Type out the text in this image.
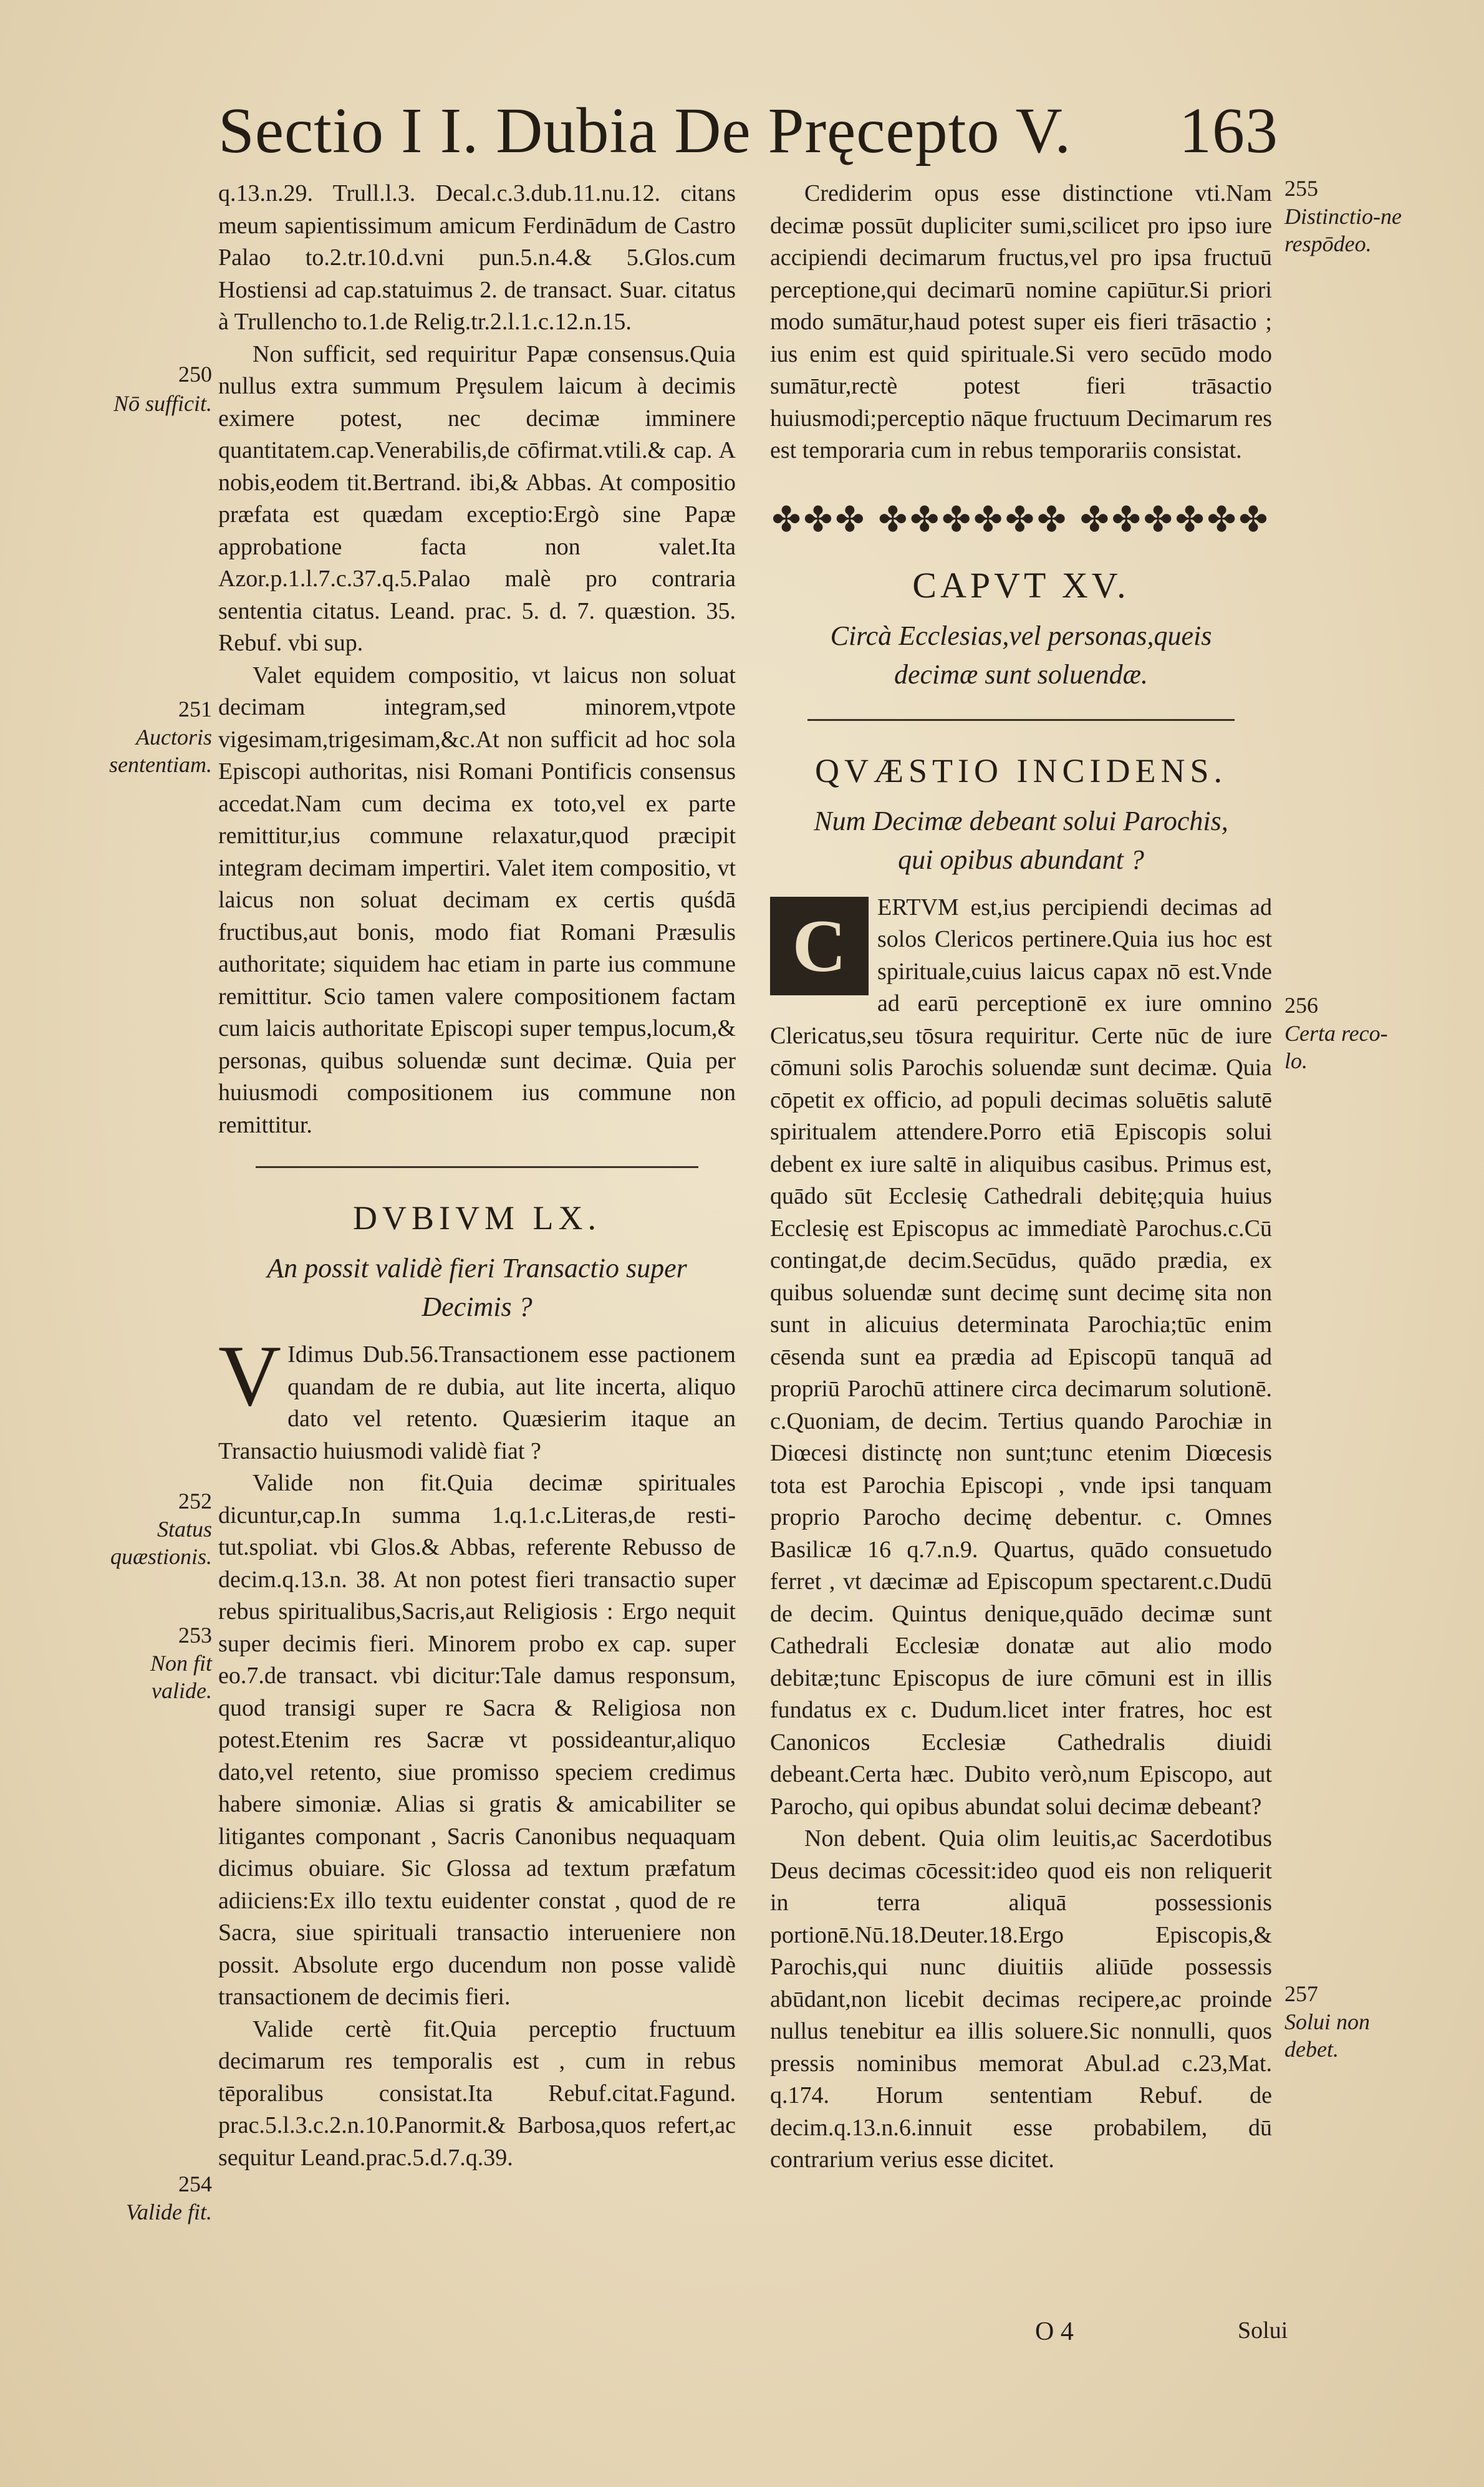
Sectio I I. Dubia De Pręcepto V. 163

q.13.n.29. Trull.l.3. Decal.c.3.dub.11.nu.12. citans meum sapientissimum amicum Ferdinādum de Castro Palao to.2.tr.10.d.vni pun.5.n.4.& 5.Glos.cum Hostiensi ad cap.statuimus 2. de transact. Suar. citatus à Trullencho to.1.de Relig.tr.2.l.1.c.12.n.15.

Non sufficit, sed requiritur Papæ consensus.Quia nullus extra summum Prȩsulem laicum à decimis eximere potest, nec decimæ imminere quantitatem.cap.Venerabilis,de cōfirmat.vtili.& cap. A nobis,eodem tit.Bertrand. ibi,& Abbas. At compositio præfata est quædam exceptio:Ergò sine Papæ approbatione facta non valet.Ita Azor.p.1.l.7.c.37.q.5.Palao malè pro contraria sententia citatus. Leand. prac. 5. d. 7. quæstion. 35. Rebuf. vbi sup.

Valet equidem compositio, vt laicus non soluat decimam integram,sed minorem,vtpote vigesimam,trigesimam,&c.At non sufficit ad hoc sola Episcopi authoritas, nisi Romani Pontificis consensus accedat.Nam cum decima ex toto,vel ex parte remittitur,ius commune relaxatur,quod præcipit integram decimam impertiri. Valet item compositio, vt laicus non soluat decimam ex certis quśdā fructibus,aut bonis, modo fiat Romani Præsulis authoritate; siquidem hac etiam in parte ius commune remittitur. Scio tamen valere compositionem factam cum laicis authoritate Episcopi super tempus,locum,& personas, quibus soluendæ sunt decimæ. Quia per huiusmodi compositionem ius commune non remittitur.

DVBIVM LX.
An possit validè fieri Transactio super Decimis ?

V Idimus Dub.56.Transactionem esse pactionem quandam de re dubia, aut lite incerta, aliquo dato vel retento. Quæsierim itaque an Transactio huiusmodi validè fiat ?

Valide non fit.Quia decimæ spirituales dicuntur,cap.In summa 1.q.1.c.Literas,de resti-tut.spoliat. vbi Glos.& Abbas, referente Rebusso de decim.q.13.n. 38. At non potest fieri transactio super rebus spiritualibus,Sacris,aut Religiosis : Ergo nequit super decimis fieri. Minorem probo ex cap. super eo.7.de transact. vbi dicitur:Tale damus responsum, quod transigi super re Sacra & Religiosa non potest.Etenim res Sacræ vt possideantur,aliquo dato,vel retento, siue promisso speciem credimus habere simoniæ. Alias si gratis & amicabiliter se litigantes componant , Sacris Canonibus nequaquam dicimus obuiare. Sic Glossa ad textum præfatum adiiciens:Ex illo textu euidenter constat , quod de re Sacra, siue spirituali transactio interueniere non possit. Absolute ergo ducendum non posse validè transactionem de decimis fieri.

Valide certè fit.Quia perceptio fructuum decimarum res temporalis est , cum in rebus tēporalibus consistat.Ita Rebuf.citat.Fagund. prac.5.l.3.c.2.n.10.Panormit.& Barbosa,quos refert,ac sequitur Leand.prac.5.d.7.q.39.

Crediderim opus esse distinctione vti.Nam decimæ possūt dupliciter sumi,scilicet pro ipso iure accipiendi decimarum fructus,vel pro ipsa fructuū perceptione,qui decimarū nomine capiūtur.Si priori modo sumātur,haud potest super eis fieri trāsactio ; ius enim est quid spirituale.Si vero secūdo modo sumātur,rectè potest fieri trāsactio huiusmodi;perceptio nāque fructuum Decimarum res est temporaria cum in rebus temporariis consistat.

✤✤✤ ✤✤✤✤✤✤ ✤✤✤✤✤✤
CAPVT XV.
Circà Ecclesias,vel personas,queis decimæ sunt soluendæ.
QVÆSTIO INCIDENS.
Num Decimæ debeant solui Parochis, qui opibus abundant ?

C	ERTVM est,ius percipiendi decimas ad solos Clericos pertinere.Quia ius hoc est spirituale,cuius laicus capax nō est.Vnde ad earū perceptionē ex iure omnino Clericatus,seu tōsura requiritur. Certe nūc de iure cōmuni solis Parochis soluendæ sunt decimæ. Quia cōpetit ex officio, ad populi decimas soluētis salutē spiritualem attendere.Porro etiā Episcopis solui debent ex iure saltē in aliquibus casibus. Primus est, quādo sūt Ecclesię Cathedrali debitę;quia huius Ecclesię est Episcopus ac immediatè Parochus.c.Cū contingat,de decim.Secūdus, quādo prædia, ex quibus soluendæ sunt decimę sunt decimę sita non sunt in alicuius determinata Parochia;tūc enim cēsenda sunt ea prædia ad Episcopū tanquā ad propriū Parochū attinere circa decimarum solutionē. c.Quoniam, de decim. Tertius quando Parochiæ in Diœcesi distinctę non sunt;tunc etenim Diœcesis tota est Parochia Episcopi , vnde ipsi tanquam proprio Parocho decimę debentur. c. Omnes Basilicæ 16 q.7.n.9. Quartus, quādo consuetudo ferret , vt dæcimæ ad Episcopum spectarent.c.Dudū de decim. Quintus denique,quādo decimæ sunt Cathedrali Ecclesiæ donatæ aut alio modo debitæ;tunc Episcopus de iure cōmuni est in illis fundatus ex c. Dudum.licet inter fratres, hoc est Canonicos Ecclesiæ Cathedralis diuidi debeant.Certa hæc. Dubito verò,num Episcopo, aut Parocho, qui opibus abundat solui decimæ debeant?

Non debent. Quia olim leuitis,ac Sacerdotibus Deus decimas cōcessit:ideo quod eis non reliquerit in terra aliquā possessionis portionē.Nū.18.Deuter.18.Ergo Episcopis,& Parochis,qui nunc diuitiis aliūde possessis abūdant,non licebit decimas recipere,ac proinde nullus tenebitur ea illis soluere.Sic nonnulli, quos pressis nominibus memorat Abul.ad c.23,Mat. q.174. Horum sententiam Rebuf. de decim.q.13.n.6.innuit esse probabilem, dū contrarium verius esse dicitet.

250
Nō sufficit.
251
Auctoris sententiam.
252
Status quæstionis.
253
Non fit valide.
254
Valide fit.
255
Distinctio-ne respōdeo.
256
Certa reco-lo.
257
Solui non debet.
O 4	Solui
